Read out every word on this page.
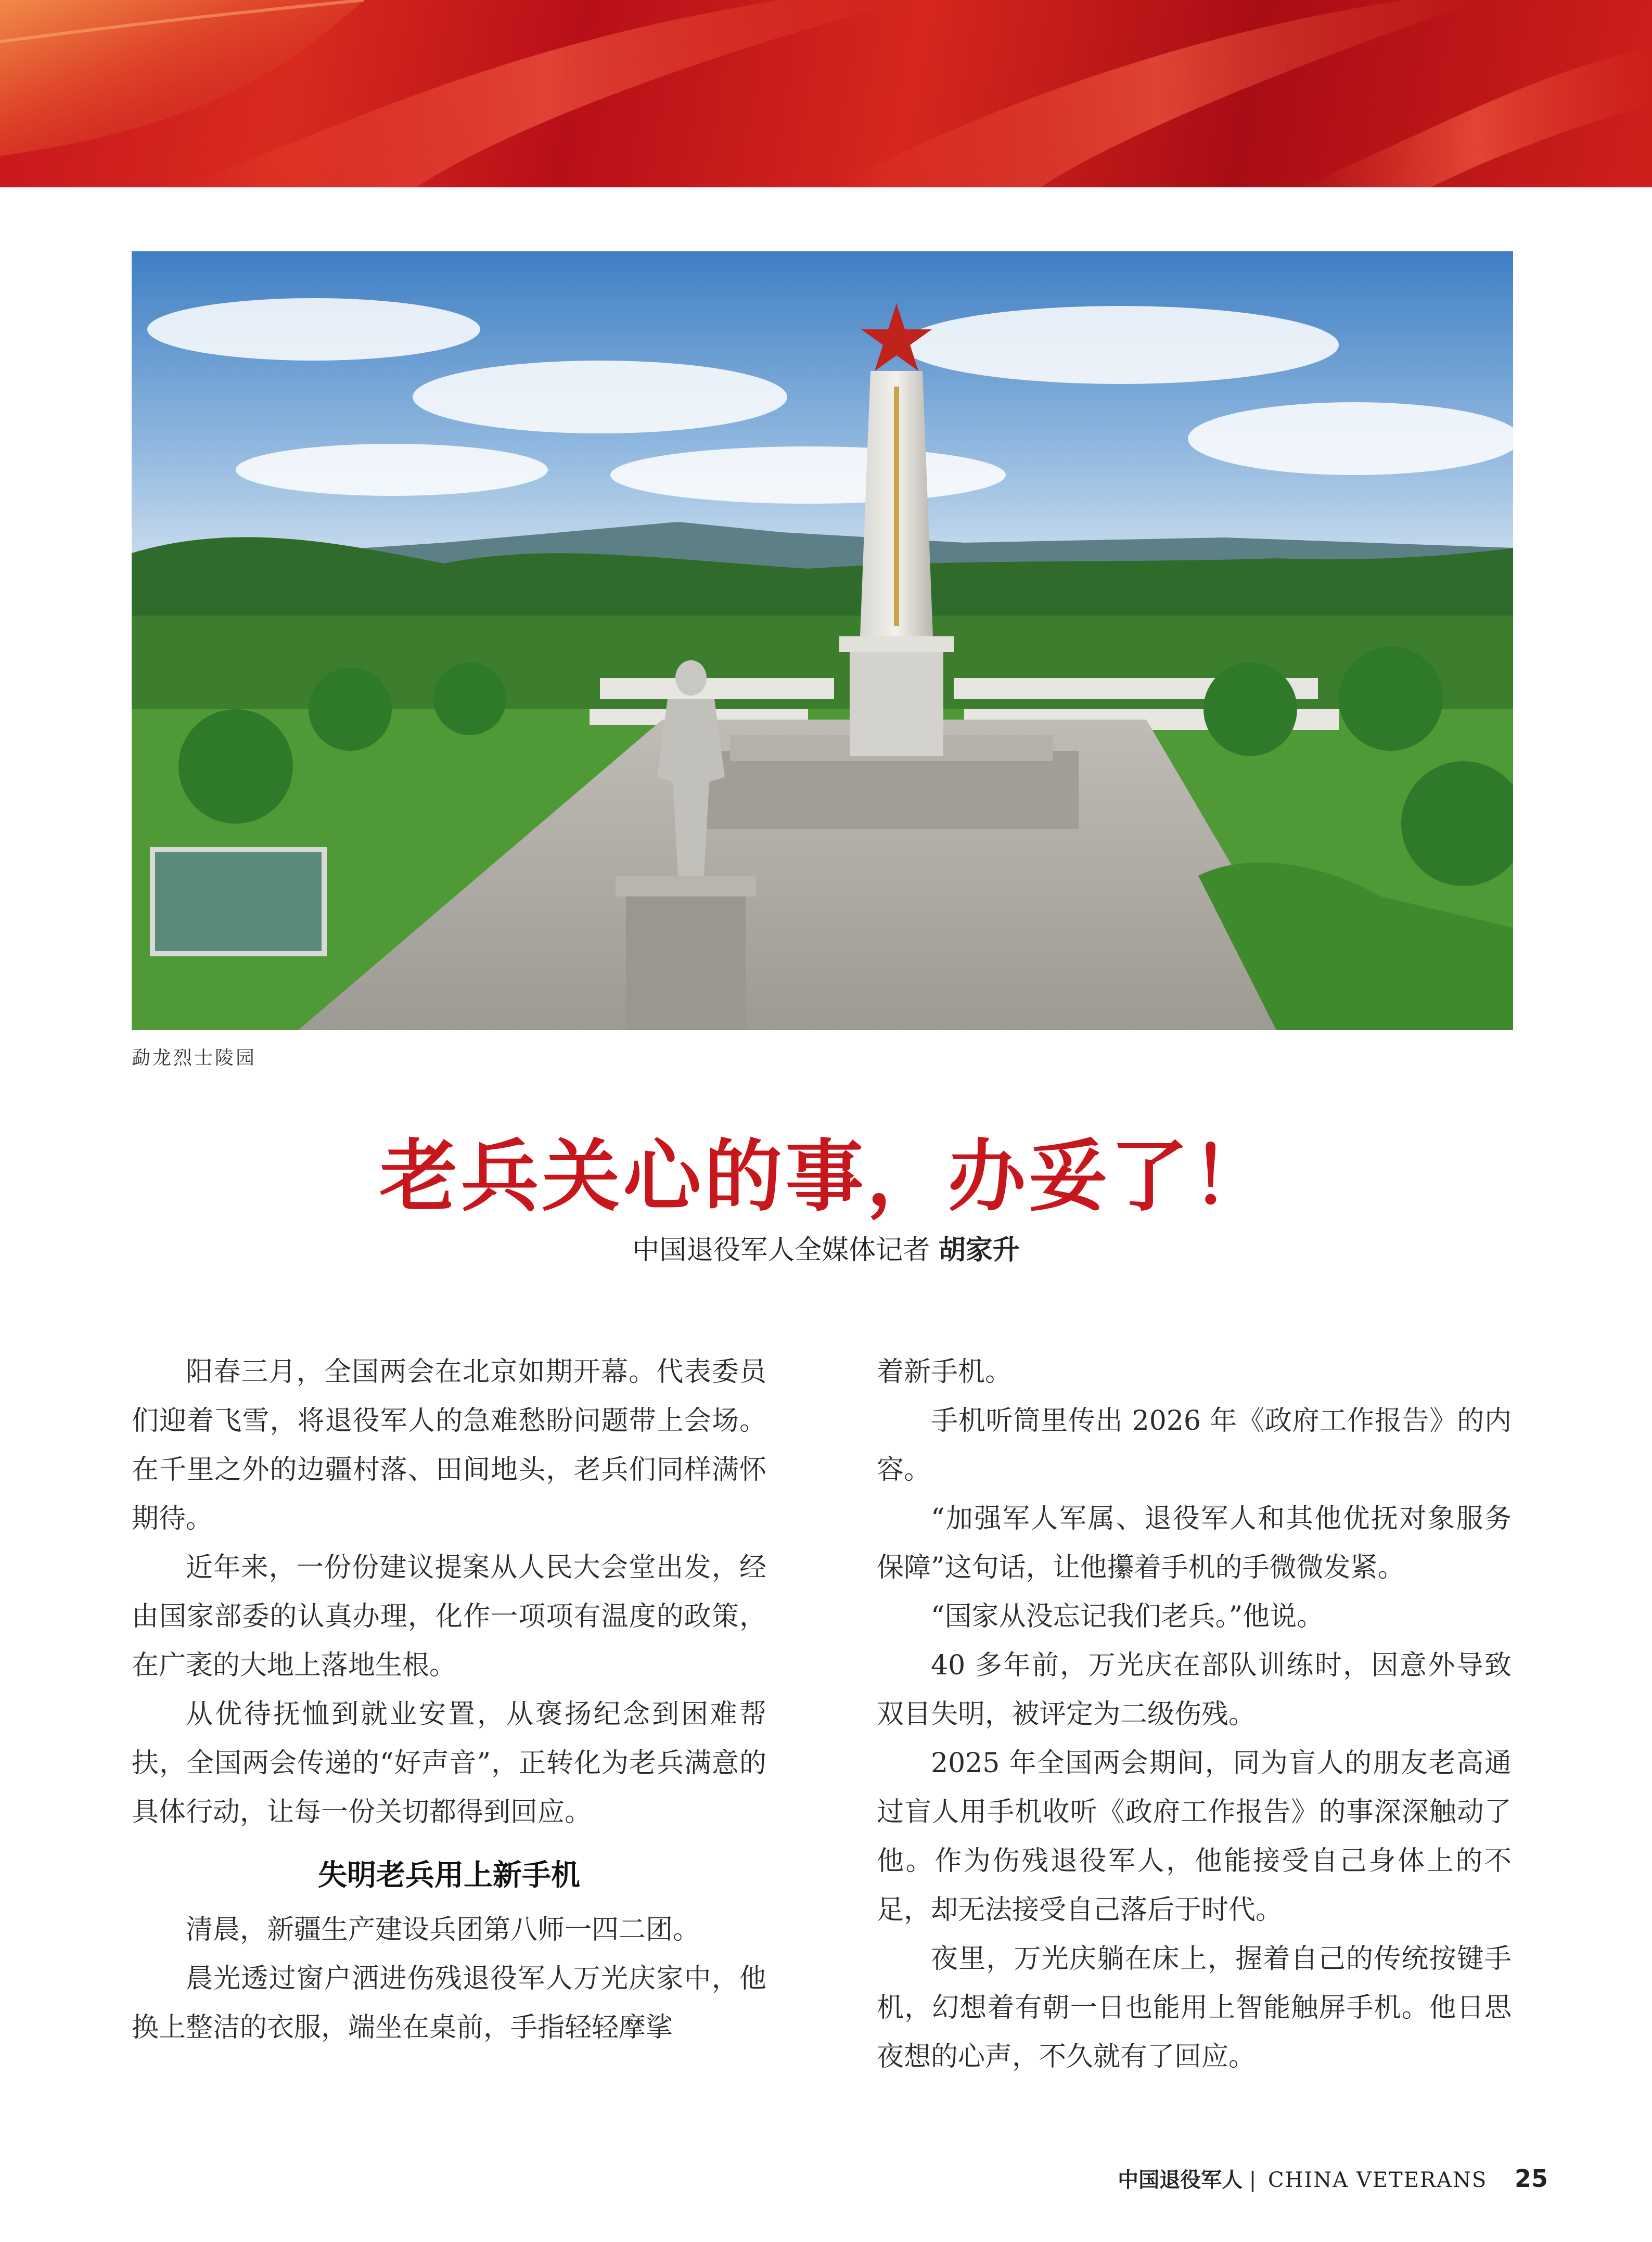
勐龙烈士陵园
老兵关心的事，办妥了！
中国退役军人全媒体记者 胡家升

阳春三月，全国两会在北京如期开幕。代表委员们迎着飞雪，将退役军人的急难愁盼问题带上会场。在千里之外的边疆村落、田间地头，老兵们同样满怀期待。

近年来，一份份建议提案从人民大会堂出发，经由国家部委的认真办理，化作一项项有温度的政策，在广袤的大地上落地生根。

从优待抚恤到就业安置，从褒扬纪念到困难帮扶，全国两会传递的“好声音”，正转化为老兵满意的具体行动，让每一份关切都得到回应。

失明老兵用上新手机

清晨，新疆生产建设兵团第八师一四二团。

晨光透过窗户洒进伤残退役军人万光庆家中，他换上整洁的衣服，端坐在桌前，手指轻轻摩挲

着新手机。

手机听筒里传出 2026 年《政府工作报告》的内容。

“加强军人军属、退役军人和其他优抚对象服务保障”这句话，让他攥着手机的手微微发紧。

“国家从没忘记我们老兵。”他说。

40 多年前，万光庆在部队训练时，因意外导致双目失明，被评定为二级伤残。

2025 年全国两会期间，同为盲人的朋友老高通过盲人用手机收听《政府工作报告》的事深深触动了他。作为伤残退役军人，他能接受自己身体上的不足，却无法接受自己落后于时代。

夜里，万光庆躺在床上，握着自己的传统按键手机，幻想着有朝一日也能用上智能触屏手机。他日思夜想的心声，不久就有了回应。

中国退役军人 | CHINA VETERANS 25
